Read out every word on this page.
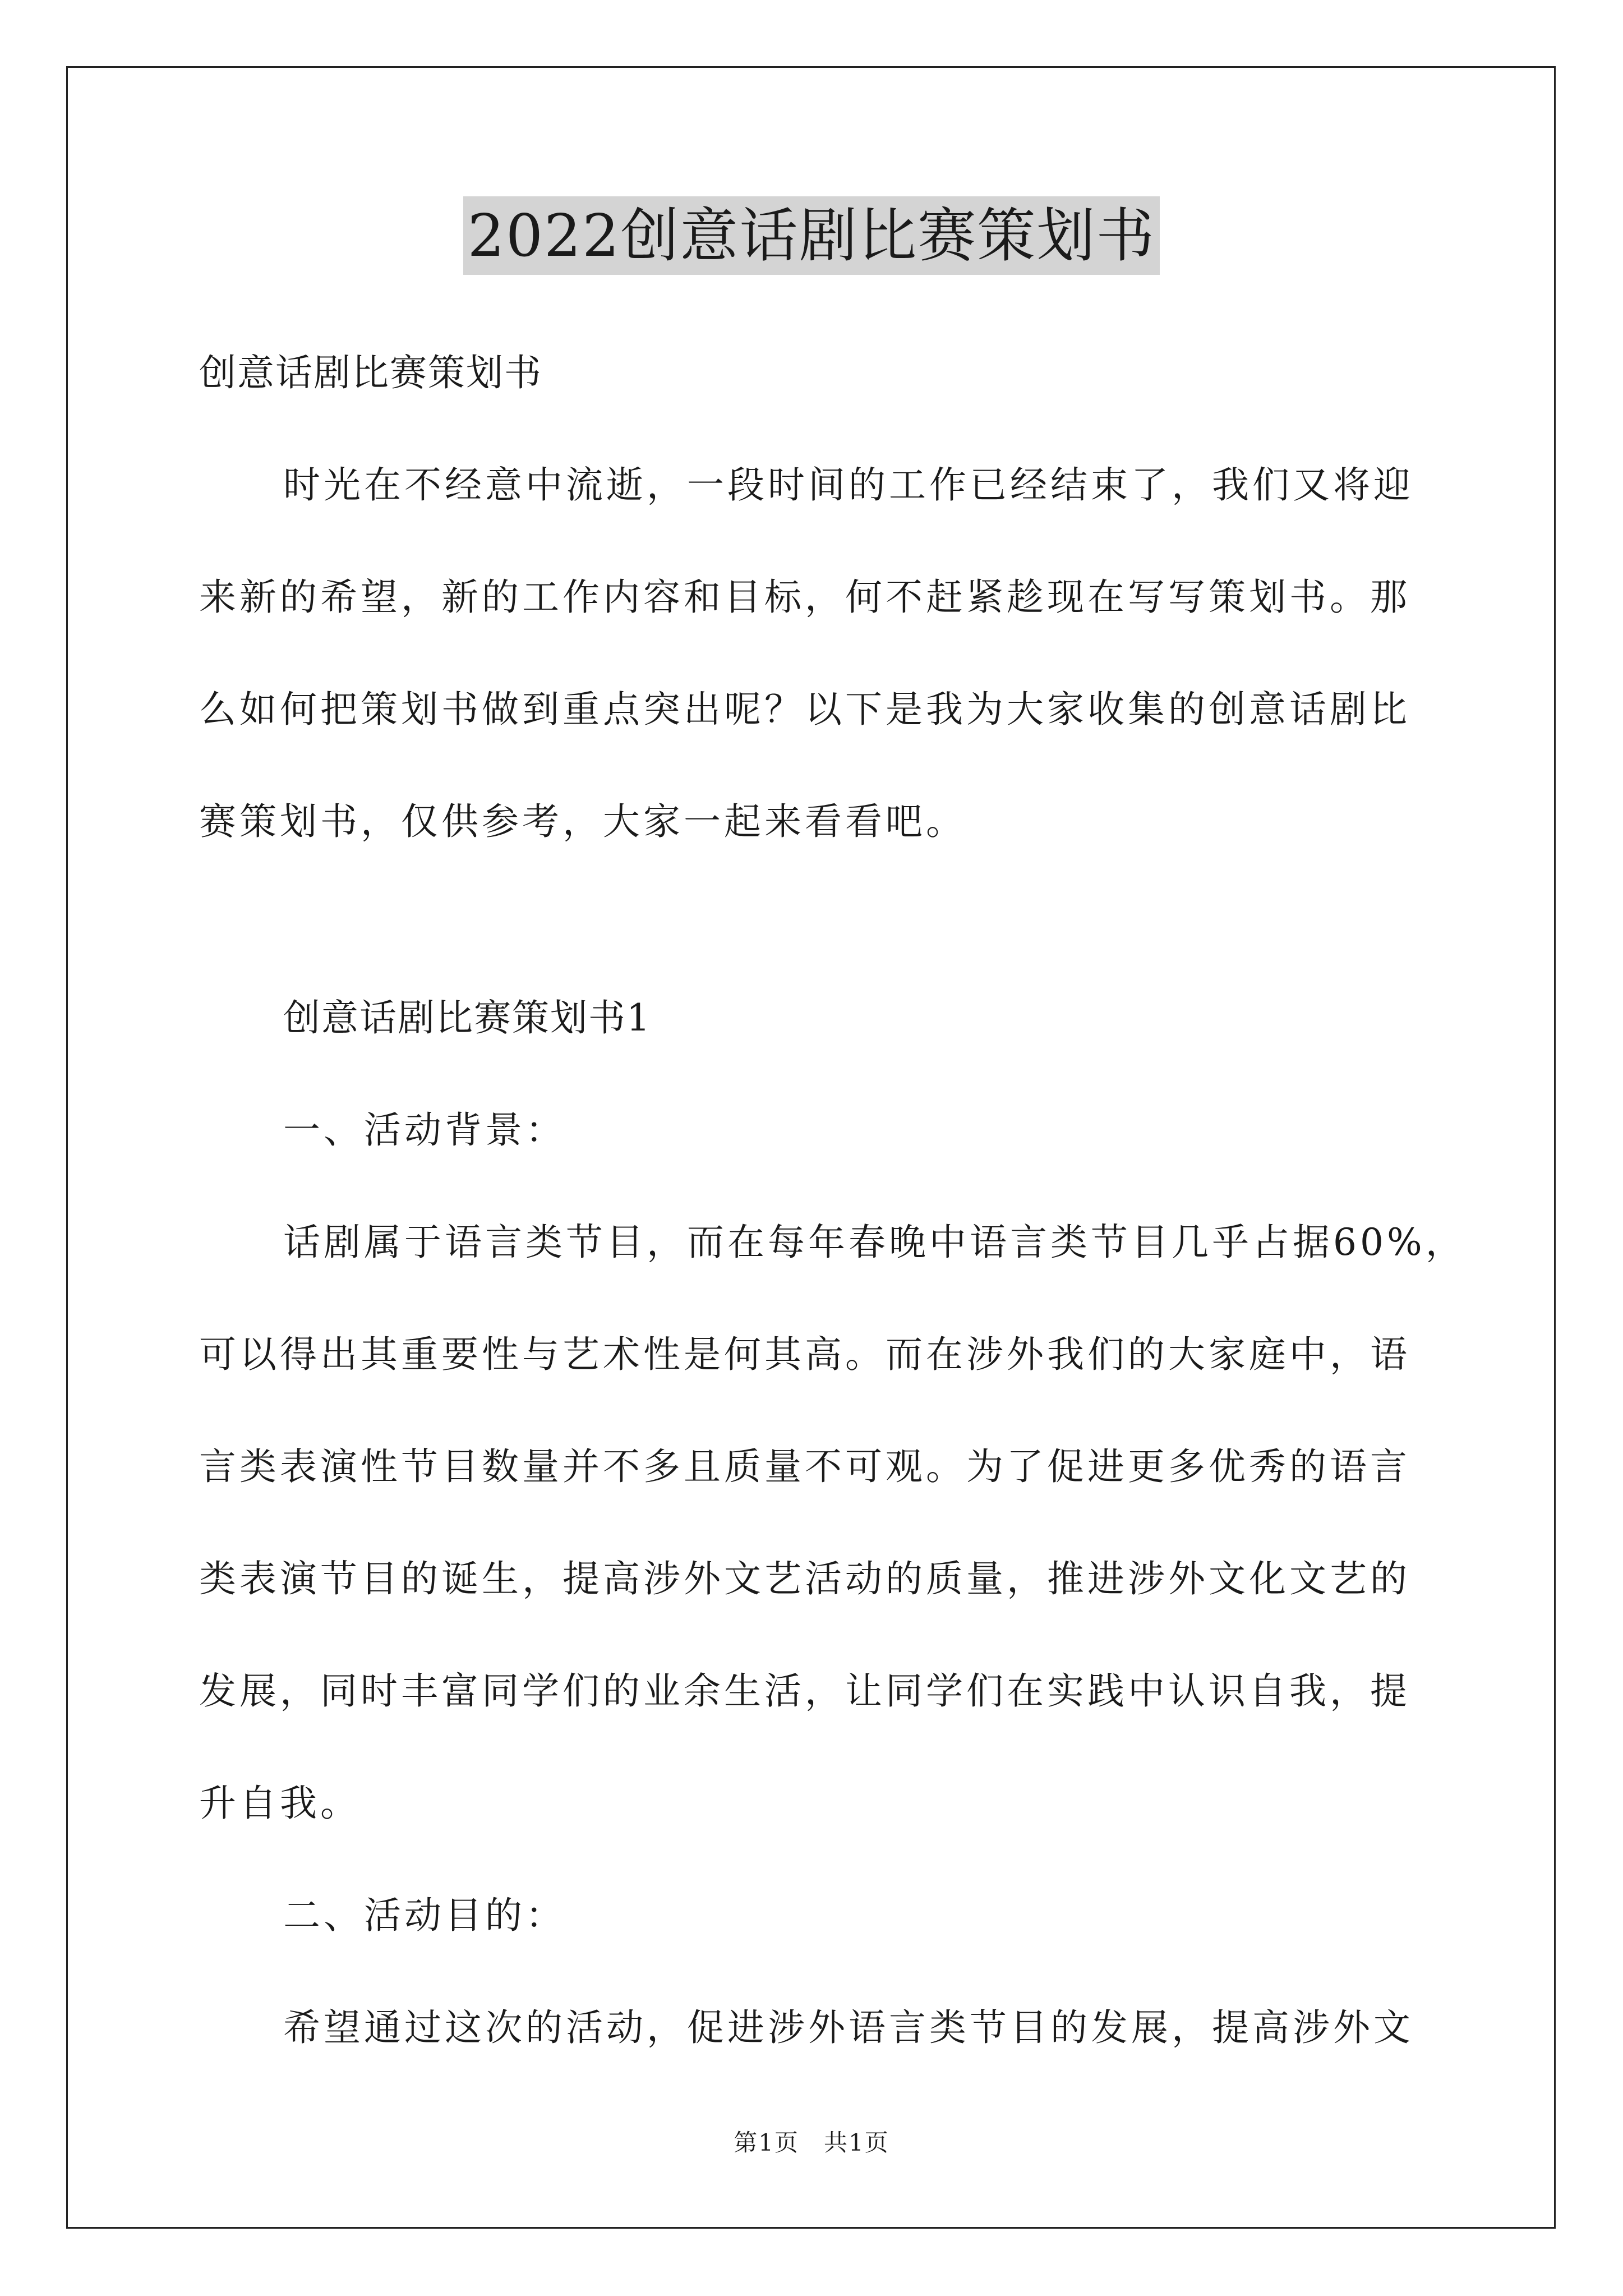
2022创意话剧比赛策划书
创意话剧比赛策划书
时光在不经意中流逝，一段时间的工作已经结束了，我们又将迎
来新的希望，新的工作内容和目标，何不赶紧趁现在写写策划书。那
么如何把策划书做到重点突出呢？以下是我为大家收集的创意话剧比
赛策划书，仅供参考，大家一起来看看吧。
创意话剧比赛策划书1
一、活动背景：
话剧属于语言类节目，而在每年春晚中语言类节目几乎占据60%，
可以得出其重要性与艺术性是何其高。而在涉外我们的大家庭中，语
言类表演性节目数量并不多且质量不可观。为了促进更多优秀的语言
类表演节目的诞生，提高涉外文艺活动的质量，推进涉外文化文艺的
发展，同时丰富同学们的业余生活，让同学们在实践中认识自我，提
升自我。
二、活动目的：
希望通过这次的活动，促进涉外语言类节目的发展，提高涉外文
第1页　共1页
